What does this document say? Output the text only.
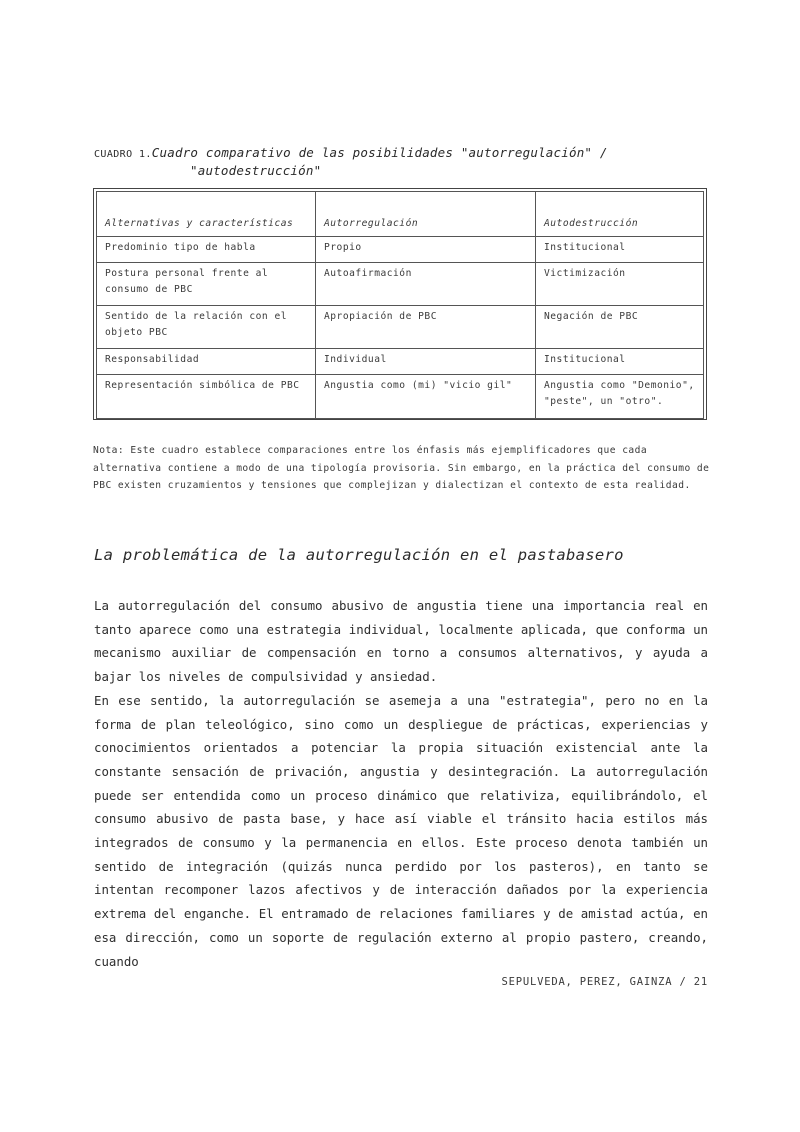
CUADRO 1.Cuadro comparativo de las posibilidades "autorregulación" /
"autodestrucción"
Alternativas y características	Autorregulación	Autodestrucción
Predominio tipo de habla	Propio	Institucional
Postura personal frente al consumo de PBC	Autoafirmación	Victimización
Sentido de la relación con el objeto PBC	Apropiación de PBC	Negación de PBC
Responsabilidad	Individual	Institucional
Representación simbólica de PBC	Angustia como (mi) "vicio gil"	Angustia como "Demonio", "peste", un "otro".
Nota: Este cuadro establece comparaciones entre los énfasis más ejemplificadores que cada alternativa contiene a modo de una tipología provisoria. Sin embargo, en la práctica del consumo de PBC existen cruzamientos y tensiones que complejizan y dialectizan el contexto de esta realidad.
La problemática de la autorregulación en el pastabasero

La autorregulación del consumo abusivo de angustia tiene una importancia real en tanto aparece como una estrategia individual, localmente aplicada, que conforma un mecanismo auxiliar de compensación en torno a consumos alternativos, y ayuda a bajar los niveles de compulsividad y ansiedad.

En ese sentido, la autorregulación se asemeja a una "estrategia", pero no en la forma de plan teleológico, sino como un despliegue de prácticas, experiencias y conocimientos orientados a potenciar la propia situación existencial ante la constante sensación de privación, angustia y desintegración. La autorregulación puede ser entendida como un proceso dinámico que relativiza, equilibrándolo, el consumo abusivo de pasta base, y hace así viable el tránsito hacia estilos más integrados de consumo y la permanencia en ellos. Este proceso denota también un sentido de integración (quizás nunca perdido por los pasteros), en tanto se intentan recomponer lazos afectivos y de interacción dañados por la experiencia extrema del enganche. El entramado de relaciones familiares y de amistad actúa, en esa dirección, como un soporte de regulación externo al propio pastero, creando, cuando

SEPULVEDA, PEREZ, GAINZA / 21
